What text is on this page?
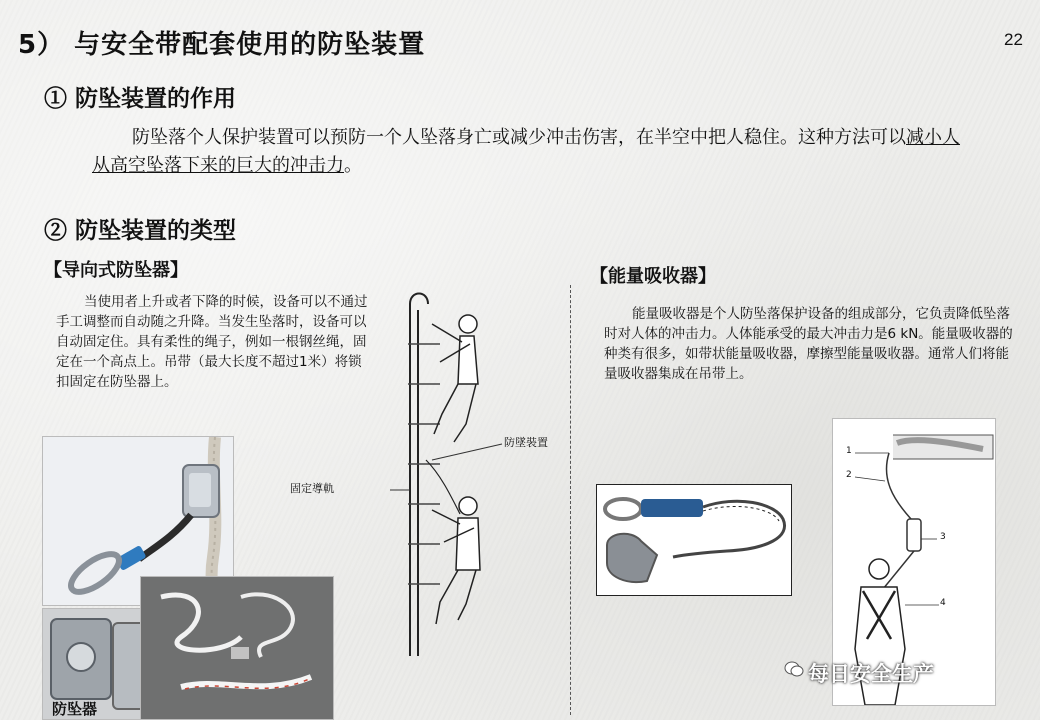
5） 与安全带配套使用的防坠装置	22
① 防坠装置的作用
防坠落个人保护装置可以预防一个人坠落身亡或减少冲击伤害，在半空中把人稳住。这种方法可以减小人从高空坠落下来的巨大的冲击力。
② 防坠装置的类型
【导向式防坠器】
当使用者上升或者下降的时候，设备可以不通过手工调整而自动随之升降。当发生坠落时，设备可以自动固定住。具有柔性的绳子，例如一根钢丝绳，固定在一个高点上。吊带（最大长度不超过1米）将锁扣固定在防坠器上。
防坠器
防墜裝置
固定導軌
【能量吸收器】
能量吸收器是个人防坠落保护设备的组成部分，它负责降低坠落时对人体的冲击力。人体能承受的最大冲击力是6 kN。能量吸收器的种类有很多，如带状能量吸收器，摩擦型能量吸收器。通常人们将能量吸收器集成在吊带上。
1
2
3
4
每日安全生产
